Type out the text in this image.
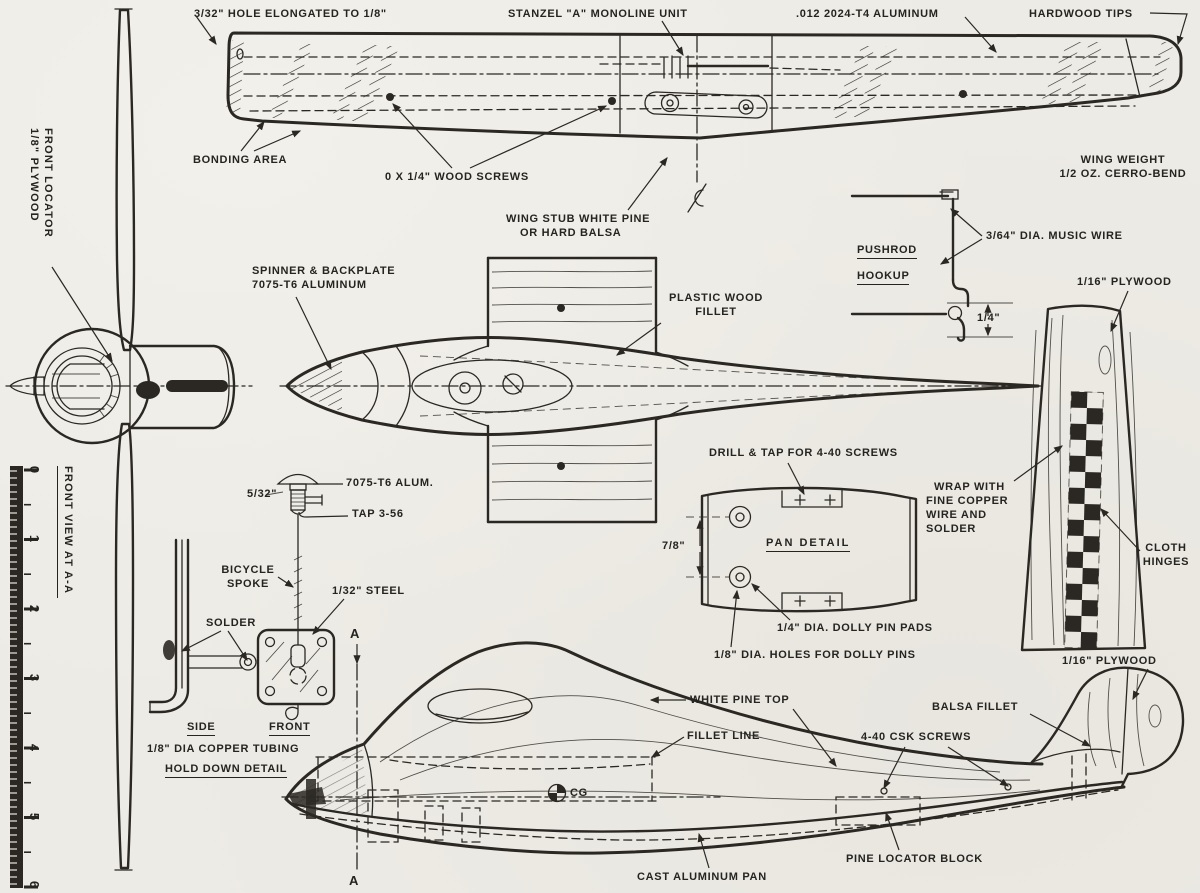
3/32" HOLE ELONGATED TO 1/8"	STANZEL "A" MONOLINE UNIT	.012 2024-T4 ALUMINUM	HARDWOOD TIPS
BONDING AREA
0 X 1/4" WOOD SCREWS
WING STUB WHITE PINE
OR HARD BALSA
WING WEIGHT
1/2 OZ. CERRO-BEND
PUSHROD
HOOKUP
3/64" DIA. MUSIC WIRE
1/4"
1/16" PLYWOOD
WRAP WITH
FINE COPPER
WIRE AND
SOLDER
CLOTH
HINGES
FRONT LOCATOR
1/8" PLYWOOD
FRONT VIEW AT A-A
0
1
2
3
4
5
6
SPINNER & BACKPLATE
7075-T6 ALUMINUM
PLASTIC WOOD
FILLET
5/32"
7075-T6 ALUM.
TAP 3-56
BICYCLE
SPOKE
SOLDER
1/32" STEEL
SIDE	FRONT
1/8" DIA COPPER TUBING
HOLD DOWN DETAIL
DRILL & TAP FOR 4-40 SCREWS
PAN DETAIL
7/8"
1/4" DIA. DOLLY PIN PADS
1/8" DIA. HOLES FOR DOLLY PINS
WHITE PINE TOP
FILLET LINE	4-40 CSK SCREWS
BALSA FILLET
1/16" PLYWOOD
CG
PINE LOCATOR BLOCK
CAST ALUMINUM PAN
A
A
